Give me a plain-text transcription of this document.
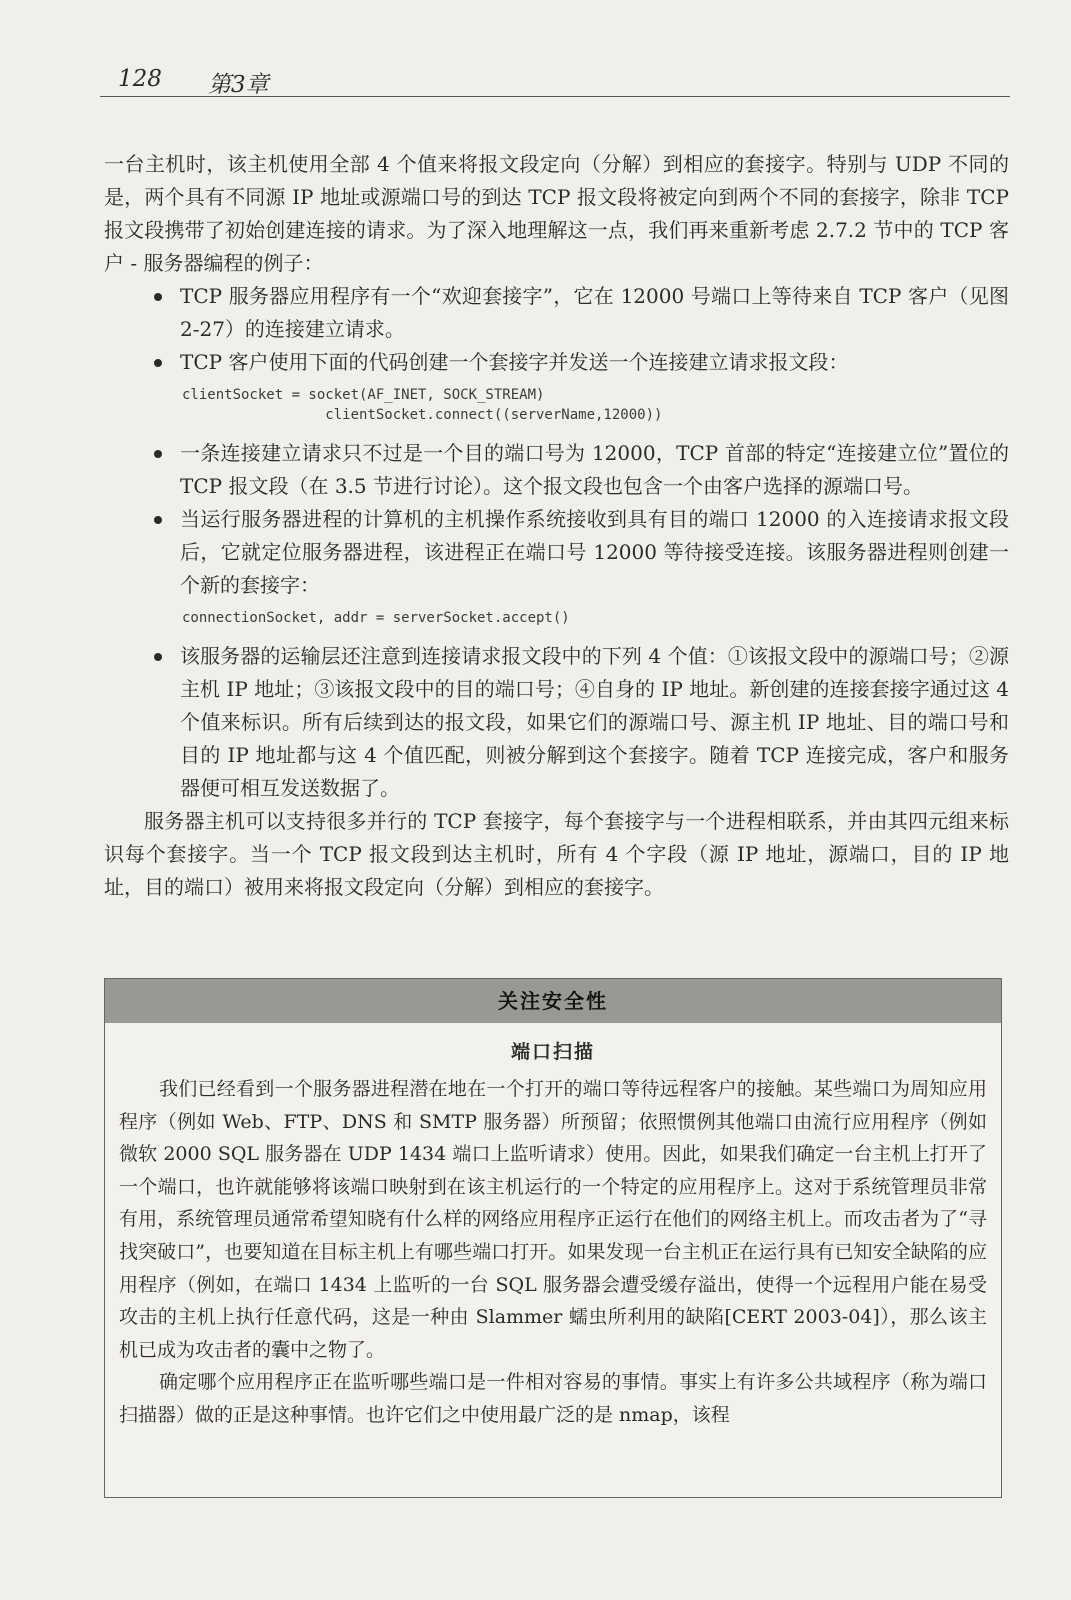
128 第3章

一台主机时，该主机使用全部 4 个值来将报文段定向（分解）到相应的套接字。特别与 UDP 不同的是，两个具有不同源 IP 地址或源端口号的到达 TCP 报文段将被定向到两个不同的套接字，除非 TCP 报文段携带了初始创建连接的请求。为了深入地理解这一点，我们再来重新考虑 2.7.2 节中的 TCP 客户 - 服务器编程的例子：

TCP 服务器应用程序有一个“欢迎套接字”，它在 12000 号端口上等待来自 TCP 客户（见图 2-27）的连接建立请求。
TCP 客户使用下面的代码创建一个套接字并发送一个连接建立请求报文段：
clientSocket = socket(AF_INET, SOCK_STREAM)
clientSocket.connect((serverName,12000))
一条连接建立请求只不过是一个目的端口号为 12000，TCP 首部的特定“连接建立位”置位的 TCP 报文段（在 3.5 节进行讨论）。这个报文段也包含一个由客户选择的源端口号。
当运行服务器进程的计算机的主机操作系统接收到具有目的端口 12000 的入连接请求报文段后，它就定位服务器进程，该进程正在端口号 12000 等待接受连接。该服务器进程则创建一个新的套接字：
connectionSocket, addr = serverSocket.accept()
该服务器的运输层还注意到连接请求报文段中的下列 4 个值：①该报文段中的源端口号；②源主机 IP 地址；③该报文段中的目的端口号；④自身的 IP 地址。新创建的连接套接字通过这 4 个值来标识。所有后续到达的报文段，如果它们的源端口号、源主机 IP 地址、目的端口号和目的 IP 地址都与这 4 个值匹配，则被分解到这个套接字。随着 TCP 连接完成，客户和服务器便可相互发送数据了。

服务器主机可以支持很多并行的 TCP 套接字，每个套接字与一个进程相联系，并由其四元组来标识每个套接字。当一个 TCP 报文段到达主机时，所有 4 个字段（源 IP 地址，源端口，目的 IP 地址，目的端口）被用来将报文段定向（分解）到相应的套接字。

关注安全性
端口扫描

我们已经看到一个服务器进程潜在地在一个打开的端口等待远程客户的接触。某些端口为周知应用程序（例如 Web、FTP、DNS 和 SMTP 服务器）所预留；依照惯例其他端口由流行应用程序（例如微软 2000 SQL 服务器在 UDP 1434 端口上监听请求）使用。因此，如果我们确定一台主机上打开了一个端口，也许就能够将该端口映射到在该主机运行的一个特定的应用程序上。这对于系统管理员非常有用，系统管理员通常希望知晓有什么样的网络应用程序正运行在他们的网络主机上。而攻击者为了“寻找突破口”，也要知道在目标主机上有哪些端口打开。如果发现一台主机正在运行具有已知安全缺陷的应用程序（例如，在端口 1434 上监听的一台 SQL 服务器会遭受缓存溢出，使得一个远程用户能在易受攻击的主机上执行任意代码，这是一种由 Slammer 蠕虫所利用的缺陷[CERT 2003-04]），那么该主机已成为攻击者的囊中之物了。

确定哪个应用程序正在监听哪些端口是一件相对容易的事情。事实上有许多公共域程序（称为端口扫描器）做的正是这种事情。也许它们之中使用最广泛的是 nmap，该程
